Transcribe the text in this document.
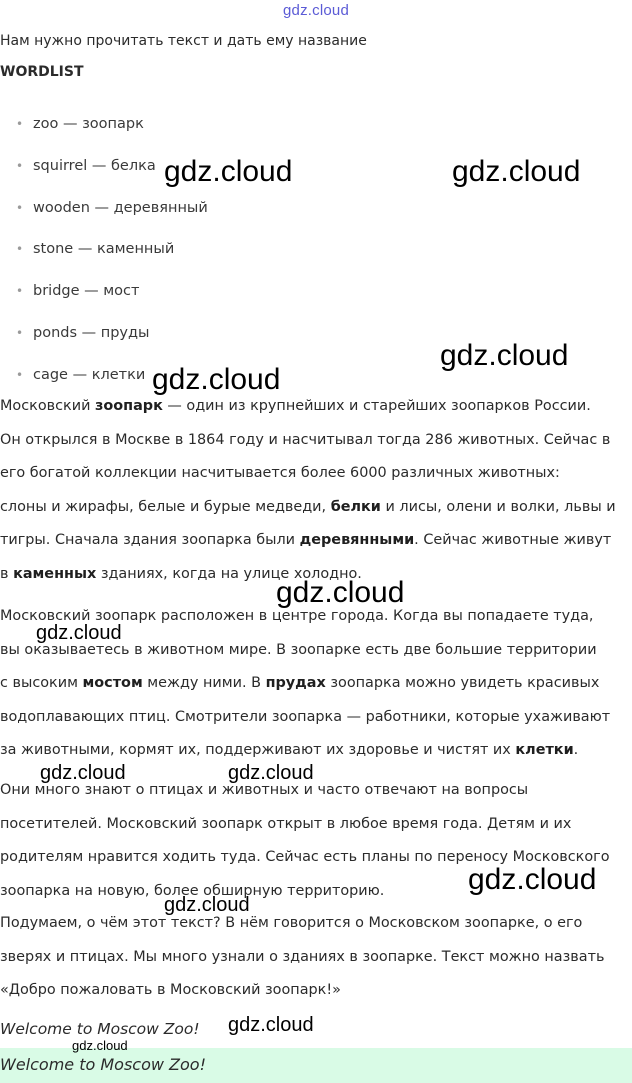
gdz.cloud
Нам нужно прочитать текст и дать ему название
WORDLIST
• zoo — зоопарк
• squirrel — белка
• wooden — деревянный
• stone — каменный
• bridge — мост
• ponds — пруды
• cage — клетки
Московский зоопарк — один из крупнейших и старейших зоопарков России.
Он открылся в Москве в 1864 году и насчитывал тогда 286 животных. Сейчас в
его богатой коллекции насчитывается более 6000 различных животных:
слоны и жирафы, белые и бурые медведи, белки и лисы, олени и волки, львы и
тигры. Сначала здания зоопарка были деревянными. Сейчас животные живут
в каменных зданиях, когда на улице холодно.
Московский зоопарк расположен в центре города. Когда вы попадаете туда,
вы оказываетесь в животном мире. В зоопарке есть две большие территории
с высоким мостом между ними. В прудах зоопарка можно увидеть красивых
водоплавающих птиц. Смотрители зоопарка — работники, которые ухаживают
за животными, кормят их, поддерживают их здоровье и чистят их клетки.
Они много знают о птицах и животных и часто отвечают на вопросы
посетителей. Московский зоопарк открыт в любое время года. Детям и их
родителям нравится ходить туда. Сейчас есть планы по переносу Московского
зоопарка на новую, более обширную территорию.
Подумаем, о чём этот текст? В нём говорится о Московском зоопарке, о его
зверях и птицах. Мы много узнали о зданиях в зоопарке. Текст можно назвать
«Добро пожаловать в Московский зоопарк!»
Welcome to Moscow Zoo!
Welcome to Moscow Zoo!
gdz.cloud	gdz.cloud
gdz.cloud
gdz.cloud
gdz.cloud
gdz.cloud
gdz.cloud	gdz.cloud
gdz.cloud
gdz.cloud
gdz.cloud
gdz.cloud
